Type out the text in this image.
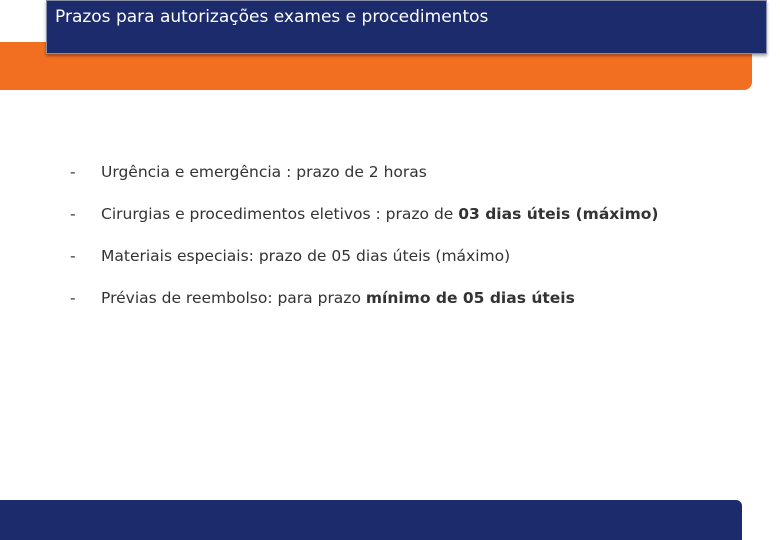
Prazos para autorizações exames e procedimentos
- Urgência e emergência : prazo de 2 horas
- Cirurgias e procedimentos eletivos : prazo de 03 dias úteis (máximo)
- Materiais especiais: prazo de 05 dias úteis (máximo)
- Prévias de reembolso: para prazo mínimo de 05 dias úteis
